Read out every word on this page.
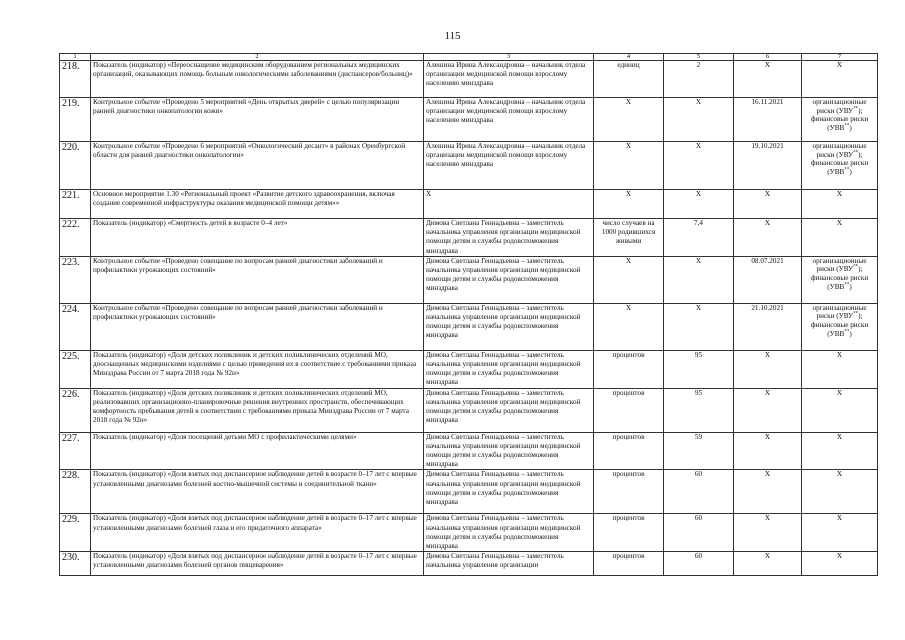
115
1	2	3	4	5	6	7
218.	Показатель (индикатор) «Переоснащение медицинским оборудованием региональных медицинских организаций, оказывающих помощь больным онкологическими заболеваниями (диспансеров/больниц)»	Алешина Ирина Александровна – начальник отдела организации медицинской помощи взрослому населению минздрава	единиц	2	X	X
219.	Контрольное событие «Проведено 5 мероприятий «День открытых дверей» с целью популяризации ранней диагностики онкопатологии кожи»	Алешина Ирина Александровна – начальник отдела организации медицинской помощи взрослому населению минздрава	X	X	16.11.2021	организационные риски (УВУ**); финансовые риски (УВВ**)
220.	Контрольное событие «Проведено 6 мероприятий «Онкологический десант» в районах Оренбургской области для ранней диагностики онкопатологии»	Алешина Ирина Александровна – начальник отдела организации медицинской помощи взрослому населению минздрава	X	X	19.10.2021	организационные риски (УВУ**); финансовые риски (УВВ**)
221.	Основное мероприятие 1.30 «Региональный проект «Развитие детского здравоохранения, включая создание современной инфраструктуры оказания медицинской помощи детям»»	X	X	X	X	X
222.	Показатель (индикатор) «Смертность детей в возрасте 0–4 лет»	Димова Светлана Геннадьевна – заместитель начальника управления организации медицинской помощи детям и службы родовспоможения минздрава	число случаев на 1000 родившихся живыми	7,4	X	X
223.	Контрольное событие «Проведено совещание по вопросам ранней диагностики заболеваний и профилактики угрожающих состояний»	Димова Светлана Геннадьевна – заместитель начальника управления организации медицинской помощи детям и службы родовспоможения минздрава	X	X	08.07.2021	организационные риски (УВУ**); финансовые риски (УВВ**)
224.	Контрольное событие «Проведено совещание по вопросам ранней диагностики заболеваний и профилактики угрожающих состояний»	Димова Светлана Геннадьевна – заместитель начальника управления организации медицинской помощи детям и службы родовспоможения минздрава	X	X	21.10.2021	организационные риски (УВУ**); финансовые риски (УВВ**)
225.	Показатель (индикатор) «Доля детских поликлиник и детских поликлинических отделений МО, дооснащенных медицинскими изделиями с целью приведения их в соответствие с требованиями приказа Минздрава России от 7 марта 2018 года № 92н»	Димова Светлана Геннадьевна – заместитель начальника управления организации медицинской помощи детям и службы родовспоможения минздрава	процентов	95	X	X
226.	Показатель (индикатор) «Доля детских поликлиник и детских поликлинических отделений МО, реализовавших организационно-планировочные решения внутренних пространств, обеспечивающих комфортность пребывания детей в соответствии с требованиями приказа Минздрава России от 7 марта 2018 года № 92н»	Димова Светлана Геннадьевна – заместитель начальника управления организации медицинской помощи детям и службы родовспоможения минздрава	процентов	95	X	X
227.	Показатель (индикатор) «Доля посещений детьми МО с профилактическими целями»	Димова Светлана Геннадьевна – заместитель начальника управления организации медицинской помощи детям и службы родовспоможения минздрава	процентов	59	X	X
228.	Показатель (индикатор) «Доля взятых под диспансерное наблюдение детей в возрасте 0–17 лет с впервые установленными диагнозами болезней костно-мышечной системы и соединительной ткани»	Димова Светлана Геннадьевна – заместитель начальника управления организации медицинской помощи детям и службы родовспоможения минздрава	процентов	60	X	X
229.	Показатель (индикатор) «Доля взятых под диспансерное наблюдение детей в возрасте 0–17 лет с впервые установленными диагнозами болезней глаза и его придаточного аппарата»	Димова Светлана Геннадьевна – заместитель начальника управления организации медицинской помощи детям и службы родовспоможения минздрава	процентов	60	X	X
230.	Показатель (индикатор) «Доля взятых под диспансерное наблюдение детей в возрасте 0–17 лет с впервые установленными диагнозами болезней органов пищеварения»	Димова Светлана Геннадьевна – заместитель начальника управления организации	процентов	60	X	X
